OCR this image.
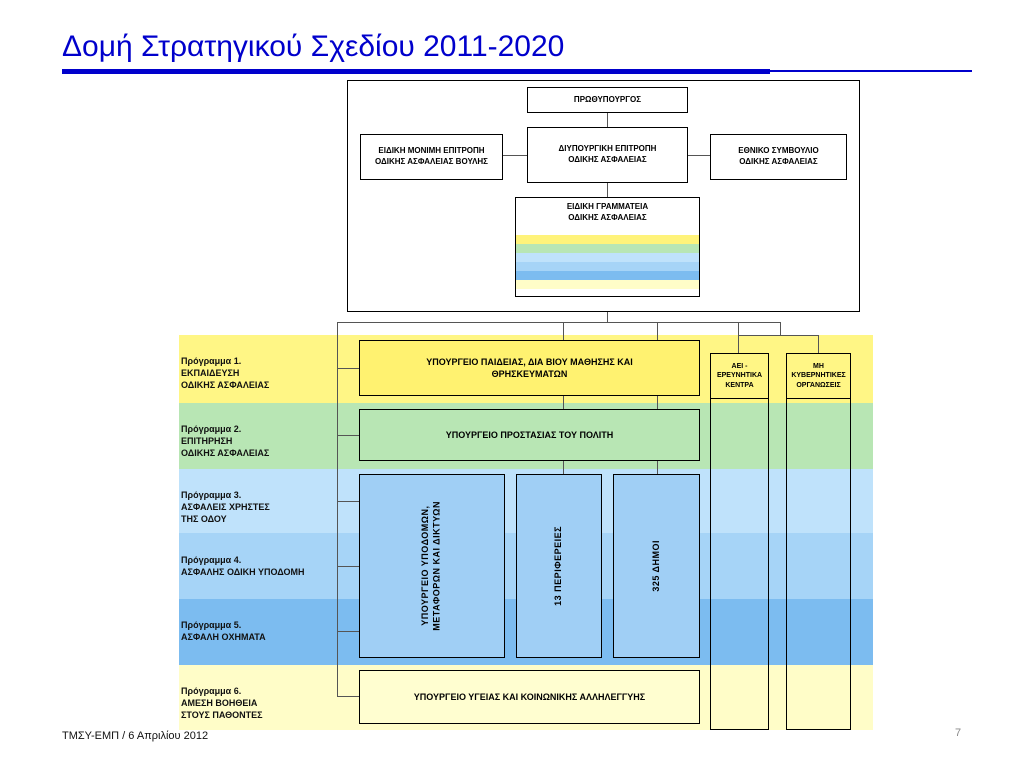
Δομή Στρατηγικού Σχεδίου 2011-2020
ΠΡΩΘΥΠΟΥΡΓΟΣ
ΕΙΔΙΚΗ ΜΟΝΙΜΗ ΕΠΙΤΡΟΠΗ
ΟΔΙΚΗΣ ΑΣΦΑΛΕΙΑΣ ΒΟΥΛΗΣ
ΔΙΥΠΟΥΡΓΙΚΗ ΕΠΙΤΡΟΠΗ
ΟΔΙΚΗΣ ΑΣΦΑΛΕΙΑΣ
ΕΘΝΙΚΟ ΣΥΜΒΟΥΛΙΟ
ΟΔΙΚΗΣ ΑΣΦΑΛΕΙΑΣ
ΕΙΔΙΚΗ ΓΡΑΜΜΑΤΕΙΑ
ΟΔΙΚΗΣ ΑΣΦΑΛΕΙΑΣ
Πρόγραμμα 1.
ΕΚΠΑΙΔΕΥΣΗ
ΟΔΙΚΗΣ ΑΣΦΑΛΕΙΑΣ
Πρόγραμμα 2.
ΕΠΙΤΗΡΗΣΗ
ΟΔΙΚΗΣ ΑΣΦΑΛΕΙΑΣ
Πρόγραμμα 3.
ΑΣΦΑΛΕΙΣ ΧΡΗΣΤΕΣ
ΤΗΣ ΟΔΟΥ
Πρόγραμμα 4.
ΑΣΦΑΛΗΣ ΟΔΙΚΗ ΥΠΟΔΟΜΗ
Πρόγραμμα 5.
ΑΣΦΑΛΗ ΟΧΗΜΑΤΑ
Πρόγραμμα 6.
ΑΜΕΣΗ ΒΟΗΘΕΙΑ
ΣΤΟΥΣ ΠΑΘΟΝΤΕΣ
ΥΠΟΥΡΓΕΙΟ ΠΑΙΔΕΙΑΣ, ΔΙΑ ΒΙΟΥ ΜΑΘΗΣΗΣ ΚΑΙ
ΘΡΗΣΚΕΥΜΑΤΩΝ
ΥΠΟΥΡΓΕΙΟ ΠΡΟΣΤΑΣΙΑΣ ΤΟΥ ΠΟΛΙΤΗ
ΥΠΟΥΡΓΕΙΟ ΥΠΟΔΟΜΩΝ,
ΜΕΤΑΦΟΡΩΝ ΚΑΙ ΔΙΚΤΥΩΝ
13 ΠΕΡΙΦΕΡΕΙΕΣ	325 ΔΗΜΟΙ
ΥΠΟΥΡΓΕΙΟ ΥΓΕΙΑΣ ΚΑΙ ΚΟΙΝΩΝΙΚΗΣ ΑΛΛΗΛΕΓΓΥΗΣ
ΑΕΙ -
ΕΡΕΥΝΗΤΙΚΑ
ΚΕΝΤΡΑ
ΜΗ
ΚΥΒΕΡΝΗΤΙΚΕΣ
ΟΡΓΑΝΩΣΕΙΣ
ΤΜΣΥ-ΕΜΠ / 6 Απριλίου 2012	7
